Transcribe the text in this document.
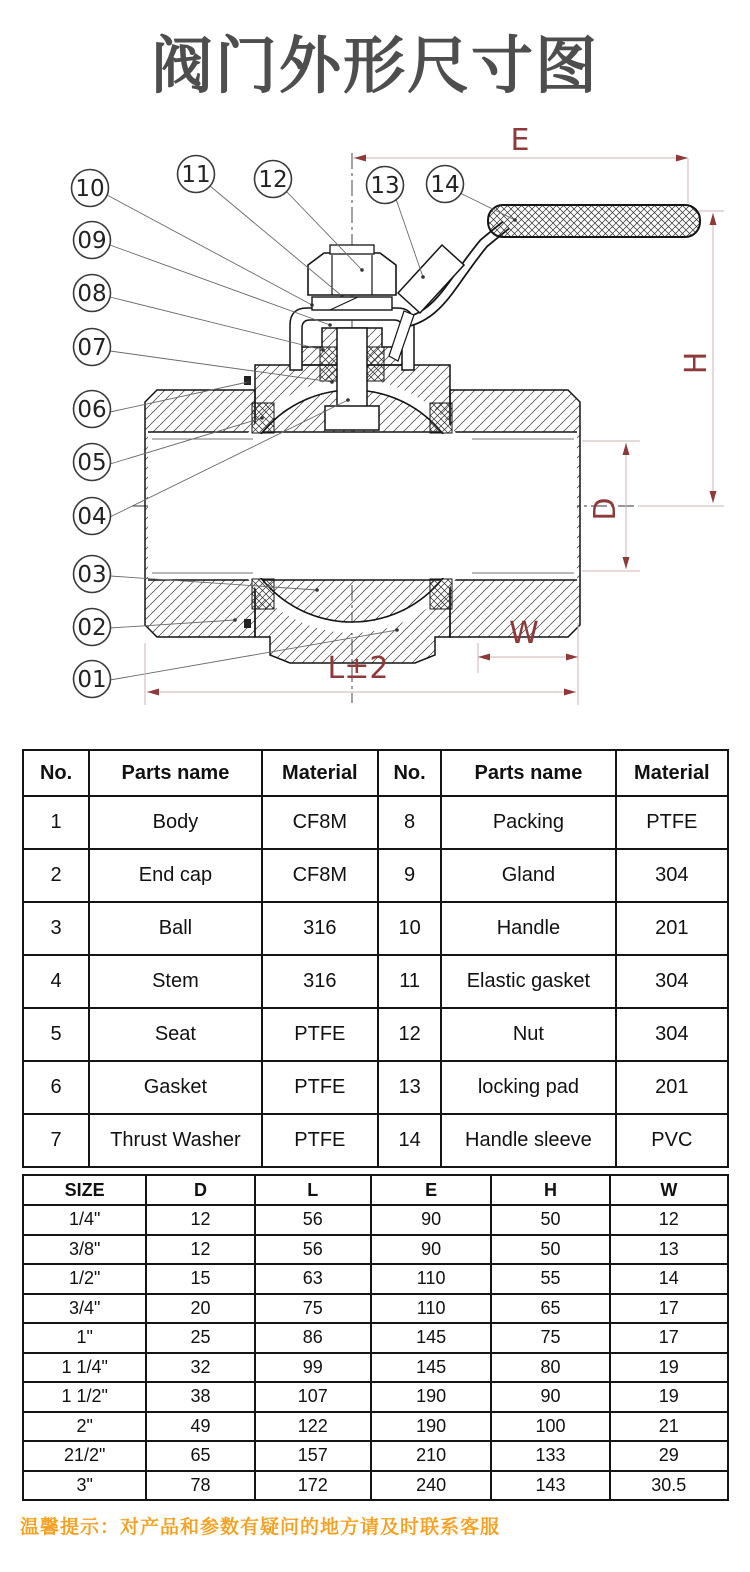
阀门外形尺寸图
10
11 12	13 14
09
08
07
06
05
04
03
02
01
E
H
D
W
L±2
No.	Parts name	Material	No.	Parts name	Material
1	Body	CF8M	8	Packing	PTFE
2	End cap	CF8M	9	Gland	304
3	Ball	316	10	Handle	201
4	Stem	316	11	Elastic gasket	304
5	Seat	PTFE	12	Nut	304
6	Gasket	PTFE	13	locking pad	201
7	Thrust Washer	PTFE	14	Handle sleeve	PVC
SIZE	D	L	E	H	W
1/4"	12	56	90	50	12
3/8"	12	56	90	50	13
1/2"	15	63	110	55	14
3/4"	20	75	110	65	17
1"	25	86	145	75	17
1 1/4"	32	99	145	80	19
1 1/2"	38	107	190	90	19
2"	49	122	190	100	21
21/2"	65	157	210	133	29
3"	78	172	240	143	30.5
温馨提示：对产品和参数有疑问的地方请及时联系客服
